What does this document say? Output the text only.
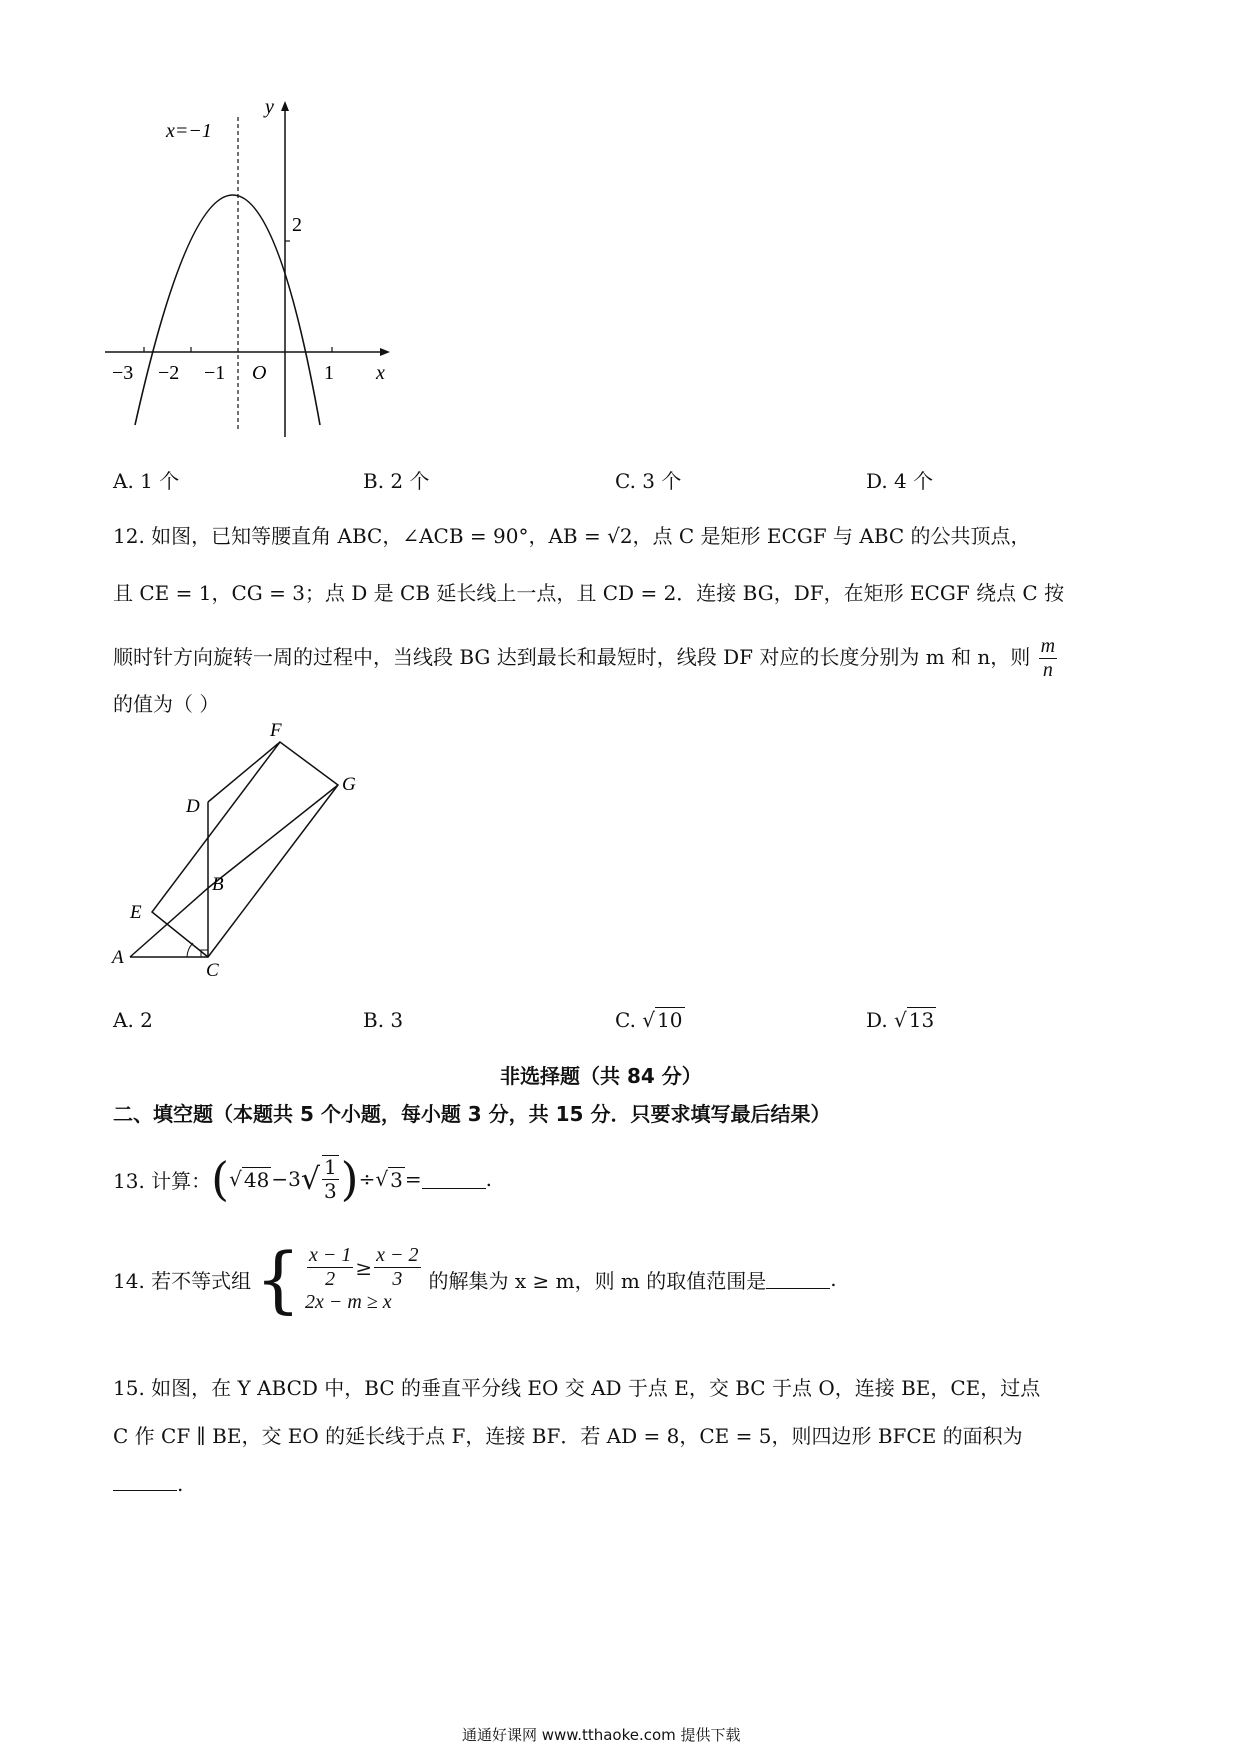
y
x
x=−1
2
−3 −2 −1 O	1
A. 1 个	B. 2 个	C. 3 个	D. 4 个
12. 如图，已知等腰直角 ABC，∠ACB = 90°，AB = √2，点 C 是矩形 ECGF 与 ABC 的公共顶点，
且 CE = 1，CG = 3；点 D 是 CB 延长线上一点，且 CD = 2．连接 BG，DF，在矩形 ECGF 绕点 C 按
顺时针方向旋转一周的过程中，当线段 BG 达到最长和最短时，线段 DF 对应的长度分别为 m 和 n，则 $\frac{m}{n}$
的值为（ ）
F
G
D
B
E
A
C
A. 2	B. 3	C. √ 10	D. √ 13
非选择题（共 84 分）
二、填空题（本题共 5 个小题，每小题 3 分，共 15 分．只要求填写最后结果）
13. 计算： ( √ 48 −3 √ $\frac{1}{3}$ ) ÷ √ 3 =	.
14. 若不等式组 { $\frac{x - 1}{2} \ge \frac{x - 2}{3}$
2x − m ≥ x
的解集为 x ≥ m，则 m 的取值范围是	.
15. 如图，在 Y ABCD 中，BC 的垂直平分线 EO 交 AD 于点 E，交 BC 于点 O，连接 BE，CE，过点
C 作 CF ∥ BE，交 EO 的延长线于点 F，连接 BF．若 AD = 8，CE = 5，则四边形 BFCE 的面积为
.
通通好课网 www.tthaoke.com 提供下载
